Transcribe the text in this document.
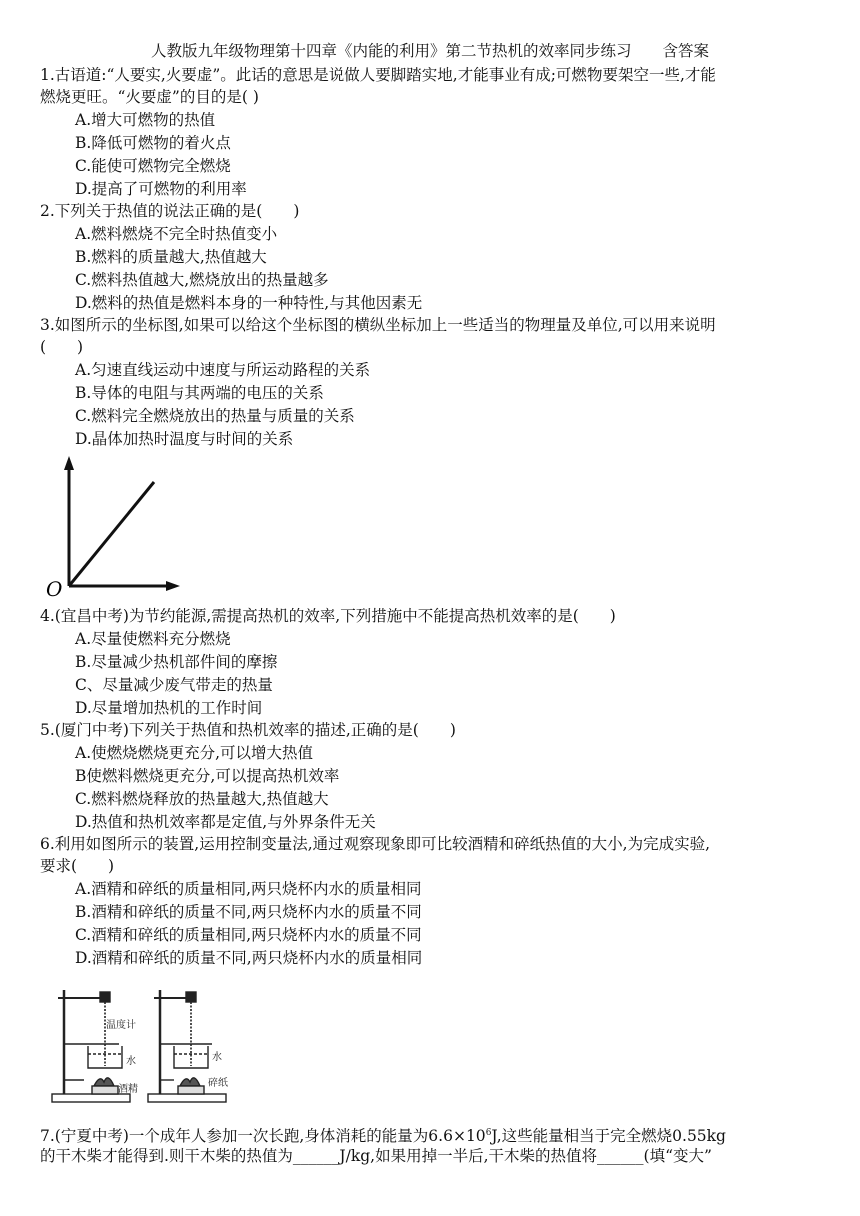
人教版九年级物理第十四章《内能的利用》第二节热机的效率同步练习　　含答案
1.古语道:“人要实,火要虚”。此话的意思是说做人要脚踏实地,才能事业有成;可燃物要架空一些,才能
燃烧更旺。“火要虚”的目的是( )
A.增大可燃物的热值
B.降低可燃物的着火点
C.能使可燃物完全燃烧
D.提高了可燃物的利用率
2.下列关于热值的说法正确的是(　　)
A.燃料燃烧不完全时热值变小
B.燃料的质量越大,热值越大
C.燃料热值越大,燃烧放出的热量越多
D.燃料的热值是燃料本身的一种特性,与其他因素无
3.如图所示的坐标图,如果可以给这个坐标图的横纵坐标加上一些适当的物理量及单位,可以用来说明
(　　)
A.匀速直线运动中速度与所运动路程的关系
B.导体的电阻与其两端的电压的关系
C.燃料完全燃烧放出的热量与质量的关系
D.晶体加热时温度与时间的关系
O
4.(宜昌中考)为节约能源,需提高热机的效率,下列措施中不能提高热机效率的是(　　)
A.尽量使燃料充分燃烧
B.尽量减少热机部件间的摩擦
C、尽量减少废气带走的热量
D.尽量增加热机的工作时间
5.(厦门中考)下列关于热值和热机效率的描述,正确的是(　　)
A.使燃烧燃烧更充分,可以增大热值
B使燃料燃烧更充分,可以提高热机效率
C.燃料燃烧释放的热量越大,热值越大
D.热值和热机效率都是定值,与外界条件无关
6.利用如图所示的装置,运用控制变量法,通过观察现象即可比较酒精和碎纸热值的大小,为完成实验,
要求(　　)
A.酒精和碎纸的质量相同,两只烧杯内水的质量相同
B.酒精和碎纸的质量不同,两只烧杯内水的质量不同
C.酒精和碎纸的质量相同,两只烧杯内水的质量不同
D.酒精和碎纸的质量不同,两只烧杯内水的质量相同
温度计
水
酒精
水
碎纸
7.(宁夏中考)一个成年人参加一次长跑,身体消耗的能量为$6.6\times 10^6J$,这些能量相当于完全燃烧0.55kg
的干木柴才能得到.则干木柴的热值为______J/kg,如果用掉一半后,干木柴的热值将______(填“变大”
